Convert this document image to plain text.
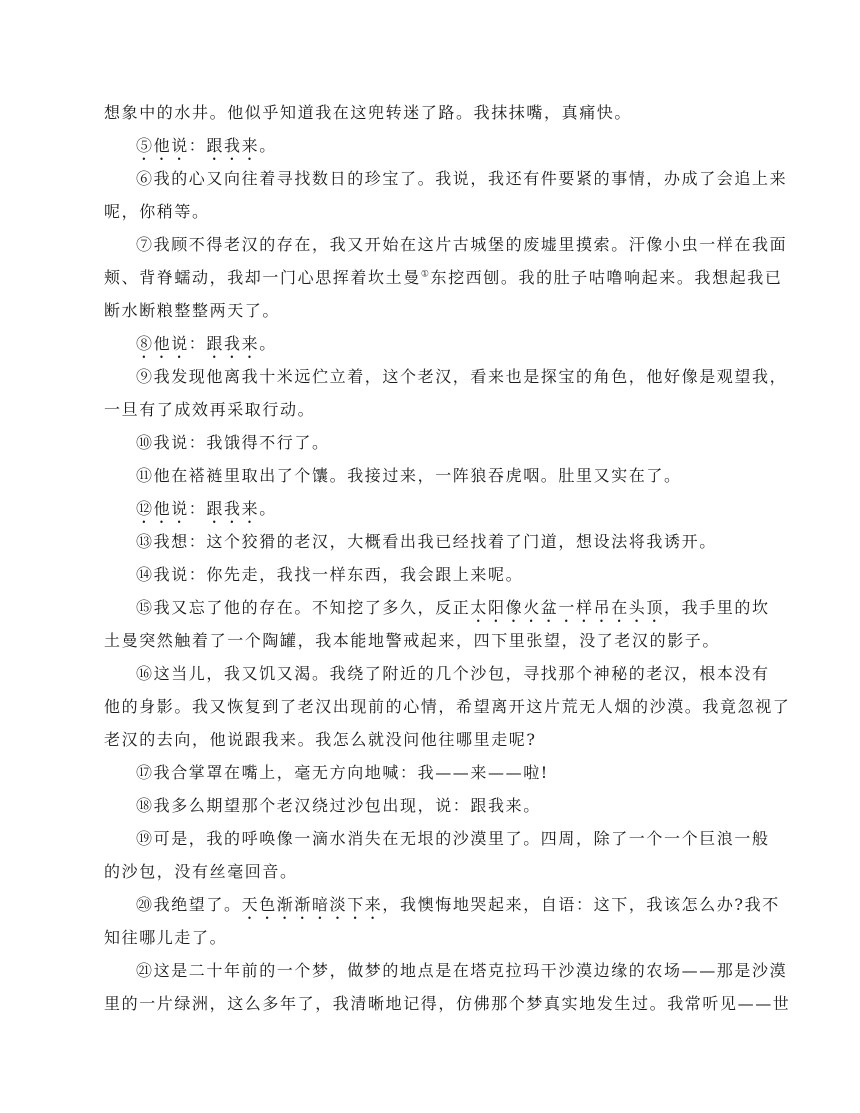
想象中的水井。他似乎知道我在这兜转迷了路。我抹抹嘴，真痛快。
⑤他说：跟我来。
⑥我的心又向往着寻找数日的珍宝了。我说，我还有件要紧的事情，办成了会追上来
呢，你稍等。
⑦我顾不得老汉的存在，我又开始在这片古城堡的废墟里摸索。汗像小虫一样在我面
颊、背脊蠕动，我却一门心思挥着坎土曼①东挖西刨。我的肚子咕噜响起来。我想起我已
断水断粮整整两天了。
⑧他说：跟我来。
⑨我发现他离我十米远伫立着，这个老汉，看来也是探宝的角色，他好像是观望我，
一旦有了成效再采取行动。
⑩我说：我饿得不行了。
⑪他在褡裢里取出了个馕。我接过来，一阵狼吞虎咽。肚里又实在了。
⑫他说：跟我来。
⑬我想：这个狡猾的老汉，大概看出我已经找着了门道，想设法将我诱开。
⑭我说：你先走，我找一样东西，我会跟上来呢。
⑮我又忘了他的存在。不知挖了多久，反正太阳像火盆一样吊在头顶，我手里的坎
土曼突然触着了一个陶罐，我本能地警戒起来，四下里张望，没了老汉的影子。
⑯这当儿，我又饥又渴。我绕了附近的几个沙包，寻找那个神秘的老汉，根本没有
他的身影。我又恢复到了老汉出现前的心情，希望离开这片荒无人烟的沙漠。我竟忽视了
老汉的去向，他说跟我来。我怎么就没问他往哪里走呢?
⑰我合掌罩在嘴上，毫无方向地喊：我——来——啦!
⑱我多么期望那个老汉绕过沙包出现，说：跟我来。
⑲可是，我的呼唤像一滴水消失在无垠的沙漠里了。四周，除了一个一个巨浪一般
的沙包，没有丝毫回音。
⑳我绝望了。天色渐渐暗淡下来，我懊悔地哭起来，自语：这下，我该怎么办?我不
知往哪儿走了。
㉑这是二十年前的一个梦，做梦的地点是在塔克拉玛干沙漠边缘的农场——那是沙漠
里的一片绿洲，这么多年了，我清晰地记得，仿佛那个梦真实地发生过。我常听见——世
